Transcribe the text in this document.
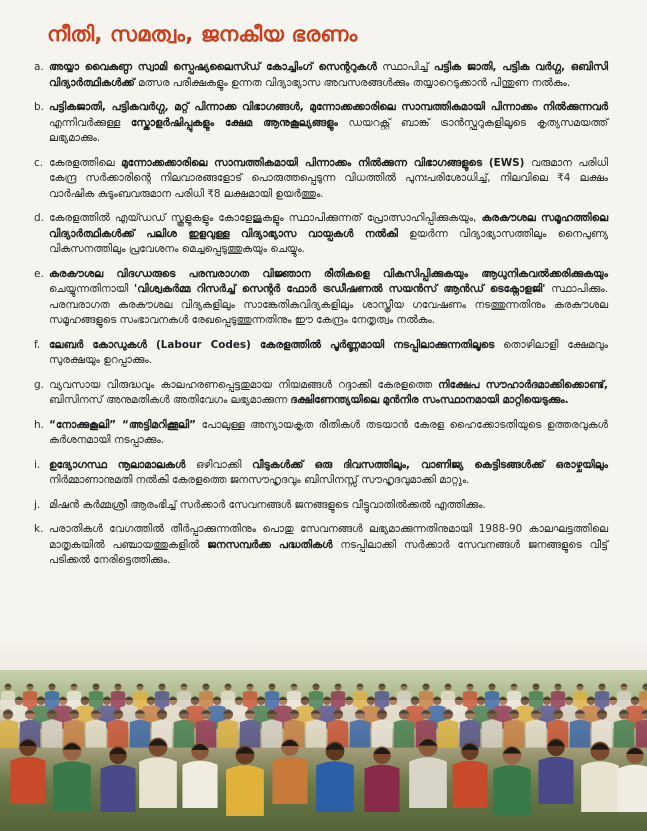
നീതി, സമത്വം, ജനകീയ ഭരണം
a. അയ്യാ വൈകുണ്ഠ സ്വാമി സ്പെഷ്യലൈസ്ഡ് കോച്ചിംഗ് സെന്ററുകൾ സ്ഥാപിച്ച് പട്ടിക ജാതി, പട്ടിക വർഗ്ഗ, ഒബിസി വിദ്യാർത്ഥികൾക്ക് മത്സര പരീക്ഷകളും ഉന്നത വിദ്യാഭ്യാസ അവസരങ്ങൾക്കും തയ്യാറെടുക്കാൻ പിന്തുണ നൽകും.
b. പട്ടികജാതി, പട്ടികവർഗ്ഗ, മറ്റ് പിന്നാക്ക വിഭാഗങ്ങൾ, മുന്നോക്കക്കാരിലെ സാമ്പത്തികമായി പിന്നാക്കം നിൽക്കുന്നവർ എന്നിവർക്കുള്ള സ്കോളർഷിപ്പുകളും ക്ഷേമ ആനുകൂല്യങ്ങളും ഡയറക്റ്റ് ബാങ്ക് ട്രാൻസ്ഫറുകളിലൂടെ കൃത്യസമയത്ത് ലഭ്യമാക്കും.
c. കേരളത്തിലെ മുന്നോക്കക്കാരിലെ സാമ്പത്തികമായി പിന്നാക്കം നിൽക്കുന്ന വിഭാഗങ്ങളുടെ (EWS) വരുമാന പരിധി കേന്ദ്ര സർക്കാരിന്റെ നിലവാരങ്ങളോട് പൊരുത്തപ്പെടുന്ന വിധത്തിൽ പുനഃപരിശോധിച്ച്, നിലവിലെ ₹4 ലക്ഷം വാർഷിക കുടുംബവരുമാന പരിധി ₹8 ലക്ഷമായി ഉയർത്തും.
d. കേരളത്തിൽ എയ്ഡഡ് സ്കൂളുകളും കോളേജുകളും സ്ഥാപിക്കുന്നത് പ്രോത്സാഹിപ്പിക്കുകയും, കരകൗശല സമൂഹത്തിലെ വിദ്യാർത്ഥികൾക്ക് പലിശ ഇളവുള്ള വിദ്യാഭ്യാസ വായ്പകൾ നൽകി ഉയർന്ന വിദ്യാഭ്യാസത്തിലും നൈപുണ്യ വികസനത്തിലും പ്രവേശനം മെച്ചപ്പെടുത്തുകയും ചെയ്യും.
e. കരകൗശല വിദഗ്ധരുടെ പരമ്പരാഗത വിജ്ഞാന രീതികളെ വികസിപ്പിക്കുകയും ആധുനികവൽക്കരിക്കുകയും ചെയ്യുന്നതിനായി 'വിശ്വകർമ്മ റിസർച്ച് സെന്റർ ഫോർ ട്രഡീഷണൽ സയൻസ് ആൻഡ് ടെക്നോളജി' സ്ഥാപിക്കും. പരമ്പരാഗത കരകൗശല വിദ്യകളിലും സാങ്കേതികവിദ്യകളിലും ശാസ്ത്രീയ ഗവേഷണം നടത്തുന്നതിനും കരകൗശല സമൂഹങ്ങളുടെ സംഭാവനകൾ രേഖപ്പെടുത്തുന്നതിനും ഈ കേന്ദ്രം നേതൃത്വം നൽകും.
f. ലേബർ കോഡുകൾ (Labour Codes) കേരളത്തിൽ പൂർണ്ണമായി നടപ്പിലാക്കുന്നതിലൂടെ തൊഴിലാളി ക്ഷേമവും സുരക്ഷയും ഉറപ്പാക്കും.
g. വ്യവസായ വിരുദ്ധവും കാലഹരണപ്പെട്ടതുമായ നിയമങ്ങൾ റദ്ദാക്കി കേരളത്തെ നിക്ഷേപ സൗഹാർദമാക്കിക്കൊണ്ട്, ബിസിനസ് അനുമതികൾ അതിവേഗം ലഭ്യമാക്കുന്ന ദക്ഷിണേന്ത്യയിലെ മുൻനിര സംസ്ഥാനമായി മാറ്റിയെടുക്കും.
h. “നോക്കുകൂലി” “അട്ടിമറിക്കൂലി” പോലുള്ള അന്യായകൃത രീതികൾ തടയാൻ കേരള ഹൈക്കോടതിയുടെ ഉത്തരവുകൾ കർശനമായി നടപ്പാക്കും.
i. ഉദ്യോഗസ്ഥ നൂലാമാലകൾ ഒഴിവാക്കി വീടുകൾക്ക് ഒരു ദിവസത്തിലും, വാണിജ്യ കെട്ടിടങ്ങൾക്ക് ഒരാഴ്ചയിലും നിർമ്മാണാനുമതി നൽകി കേരളത്തെ ജനസൗഹൃദവും ബിസിനസ്സ് സൗഹൃദവുമാക്കി മാറ്റും.
j. മിഷൻ കർമ്മശ്രീ ആരംഭിച്ച് സർക്കാർ സേവനങ്ങൾ ജനങ്ങളുടെ വീട്ടുവാതിൽക്കൽ എത്തിക്കും.
k. പരാതികൾ വേഗത്തിൽ തീർപ്പാക്കുന്നതിനും പൊതു സേവനങ്ങൾ ലഭ്യമാക്കുന്നതിനുമായി 1988-90 കാലഘട്ടത്തിലെ മാതൃകയിൽ പഞ്ചായത്തുകളിൽ ജനസമ്പർക്ക പദ്ധതികൾ നടപ്പിലാക്കി സർക്കാർ സേവനങ്ങൾ ജനങ്ങളുടെ വീട്ട് പടിക്കൽ നേരിട്ടെത്തിക്കും.
